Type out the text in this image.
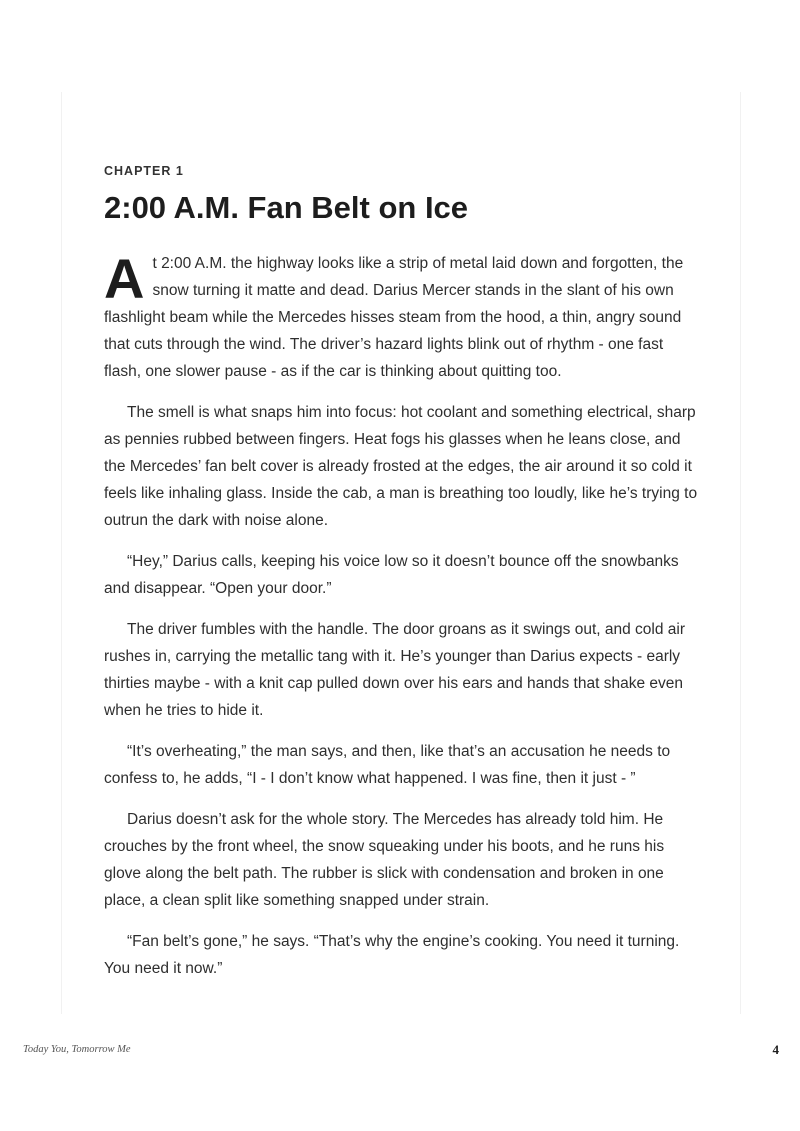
CHAPTER 1

2:00 A.M. Fan Belt on Ice

A t 2:00 A.M. the highway looks like a strip of metal laid down and forgotten, the snow turning it matte and dead. Darius Mercer stands in the slant of his own flashlight beam while the Mercedes hisses steam from the hood, a thin, angry sound that cuts through the wind. The driver’s hazard lights blink out of rhythm - one fast flash, one slower pause - as if the car is thinking about quitting too.

The smell is what snaps him into focus: hot coolant and something electrical, sharp as pennies rubbed between fingers. Heat fogs his glasses when he leans close, and the Mercedes’ fan belt cover is already frosted at the edges, the air around it so cold it feels like inhaling glass. Inside the cab, a man is breathing too loudly, like he’s trying to outrun the dark with noise alone.

“Hey,” Darius calls, keeping his voice low so it doesn’t bounce off the snowbanks and disappear. “Open your door.”

The driver fumbles with the handle. The door groans as it swings out, and cold air rushes in, carrying the metallic tang with it. He’s younger than Darius expects - early thirties maybe - with a knit cap pulled down over his ears and hands that shake even when he tries to hide it.

“It’s overheating,” the man says, and then, like that’s an accusation he needs to confess to, he adds, “I - I don’t know what happened. I was fine, then it just - ”

Darius doesn’t ask for the whole story. The Mercedes has already told him. He crouches by the front wheel, the snow squeaking under his boots, and he runs his glove along the belt path. The rubber is slick with condensation and broken in one place, a clean split like something snapped under strain.

“Fan belt’s gone,” he says. “That’s why the engine’s cooking. You need it turning. You need it now.”

Today You, Tomorrow Me	4
